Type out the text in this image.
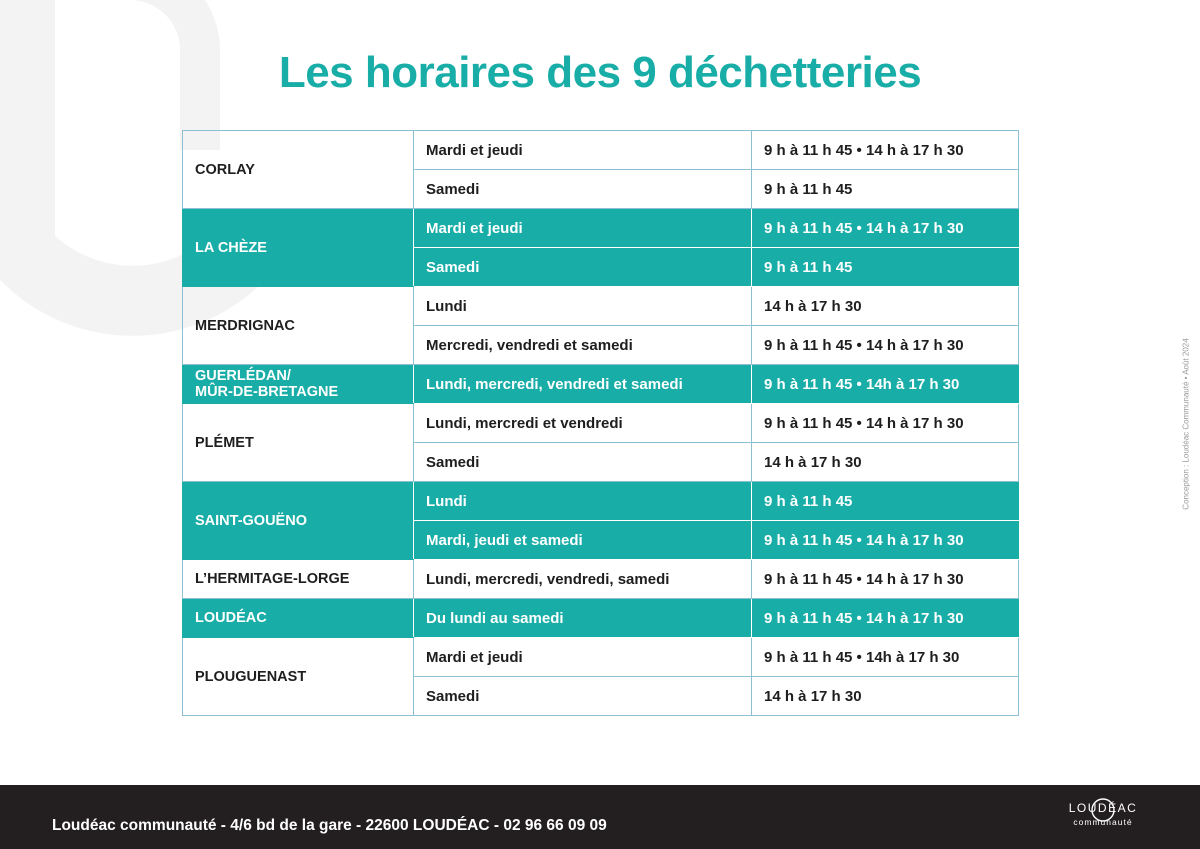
Les horaires des 9 déchetteries
CORLAY	Mardi et jeudi	9 h à 11 h 45 • 14 h à 17 h 30
	Samedi	9 h à 11 h 45
LA CHÈZE	Mardi et jeudi	9 h à 11 h 45 • 14 h à 17 h 30
	Samedi	9 h à 11 h 45
MERDRIGNAC	Lundi	14 h à 17 h 30
	Mercredi, vendredi et samedi	9 h à 11 h 45 • 14 h à 17 h 30
GUERLÉDAN/
MÛR-DE-BRETAGNE	Lundi, mercredi, vendredi et samedi	9 h à 11 h 45 • 14h à 17 h 30
PLÉMET	Lundi, mercredi et vendredi	9 h à 11 h 45 • 14 h à 17 h 30
	Samedi	14 h à 17 h 30
SAINT-GOUËNO	Lundi	9 h à 11 h 45
	Mardi, jeudi et samedi	9 h à 11 h 45 • 14 h à 17 h 30
L’HERMITAGE-LORGE	Lundi, mercredi, vendredi, samedi	9 h à 11 h 45 • 14 h à 17 h 30
LOUDÉAC	Du lundi au samedi	9 h à 11 h 45 • 14 h à 17 h 30
PLOUGUENAST	Mardi et jeudi	9 h à 11 h 45 • 14h à 17 h 30
	Samedi	14 h à 17 h 30
Conception : Loudéac Communauté • Août 2024
Loudéac communauté - 4/6 bd de la gare - 22600 LOUDÉAC - 02 96 66 09 09
LOUDÉAC
communauté
